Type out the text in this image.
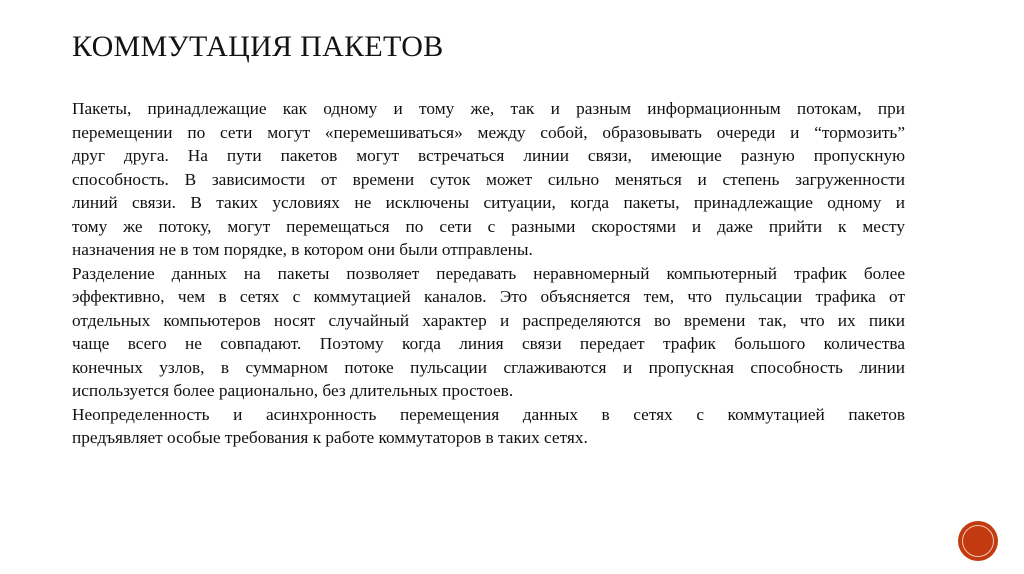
КОММУТАЦИЯ ПАКЕТОВ
Пакеты, принадлежащие как одному и тому же, так и разным информационным потокам, при
перемещении по сети могут «перемешиваться» между собой, образовывать очереди и “тормозить”
друг друга. На пути пакетов могут встречаться линии связи, имеющие разную пропускную
способность. В зависимости от времени суток может сильно меняться и степень загруженности
линий связи. В таких условиях не исключены ситуации, когда пакеты, принадлежащие одному и
тому же потоку, могут перемещаться по сети с разными скоростями и даже прийти к месту
назначения не в том порядке, в котором они были отправлены.
Разделение данных на пакеты позволяет передавать неравномерный компьютерный трафик более
эффективно, чем в сетях с коммутацией каналов. Это объясняется тем, что пульсации трафика от
отдельных компьютеров носят случайный характер и распределяются во времени так, что их пики
чаще всего не совпадают. Поэтому когда линия связи передает трафик большого количества
конечных узлов, в суммарном потоке пульсации сглаживаются и пропускная способность линии
используется более рационально, без длительных простоев.
Неопределенность и асинхронность перемещения данных в сетях с коммутацией пакетов
предъявляет особые требования к работе коммутаторов в таких сетях.
